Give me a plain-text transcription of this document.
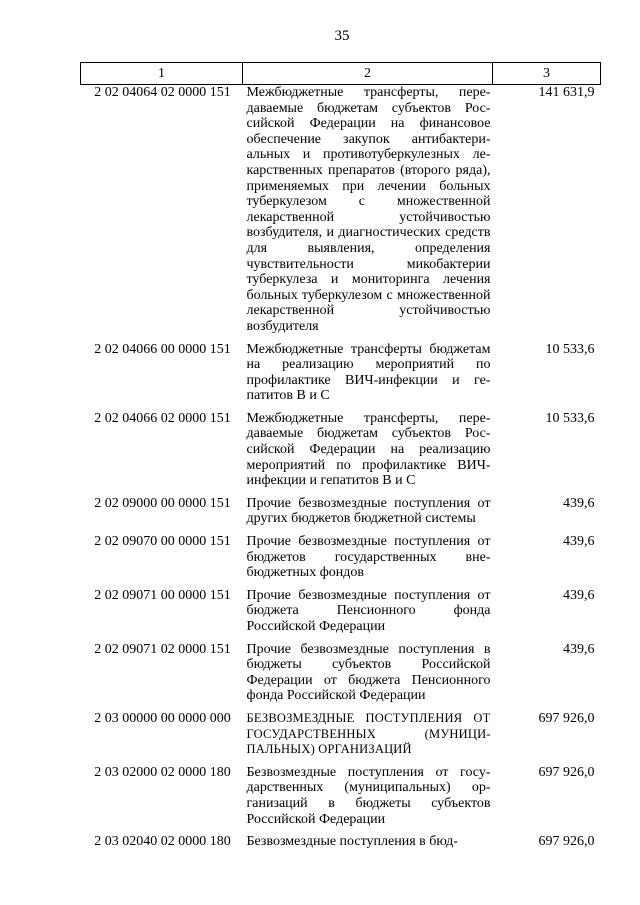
35
1	2	3
2 02 04064 02 0000 151	Межбюджетные трансферты, передаваемые бюджетам субъектов Российской Федерации на финансовое обеспечение закупок антибактериальных и противотуберкулезных лекарственных препаратов (второго ряда), применяемых при лечении больных туберкулезом с множественной лекарственной устойчивостью возбудителя, и диагностических средств для выявления, определения чувствительности микобактерии туберкулеза и мониторинга лечения больных туберкулезом с множественной лекарственной устойчивостью возбудителя	141 631,9
2 02 04066 00 0000 151	Межбюджетные трансферты бюджетам на реализацию мероприятий по профилактике ВИЧ-инфекции и гепатитов В и С	10 533,6
2 02 04066 02 0000 151	Межбюджетные трансферты, передаваемые бюджетам субъектов Российской Федерации на реализацию мероприятий по профилактике ВИЧ-инфекции и гепатитов В и С	10 533,6
2 02 09000 00 0000 151	Прочие безвозмездные поступления от других бюджетов бюджетной системы	439,6
2 02 09070 00 0000 151	Прочие безвозмездные поступления от бюджетов государственных внебюджетных фондов	439,6
2 02 09071 00 0000 151	Прочие безвозмездные поступления от бюджета Пенсионного фонда Российской Федерации	439,6
2 02 09071 02 0000 151	Прочие безвозмездные поступления в бюджеты субъектов Российской Федерации от бюджета Пенсионного фонда Российской Федерации	439,6
2 03 00000 00 0000 000	БЕЗВОЗМЕЗДНЫЕ ПОСТУПЛЕНИЯ ОТ ГОСУДАРСТВЕННЫХ (МУНИЦИПАЛЬНЫХ) ОРГАНИЗАЦИЙ	697 926,0
2 03 02000 02 0000 180	Безвозмездные поступления от государственных (муниципальных) организаций в бюджеты субъектов Российской Федерации	697 926,0
2 03 02040 02 0000 180	Безвозмездные поступления в бюд-	697 926,0
